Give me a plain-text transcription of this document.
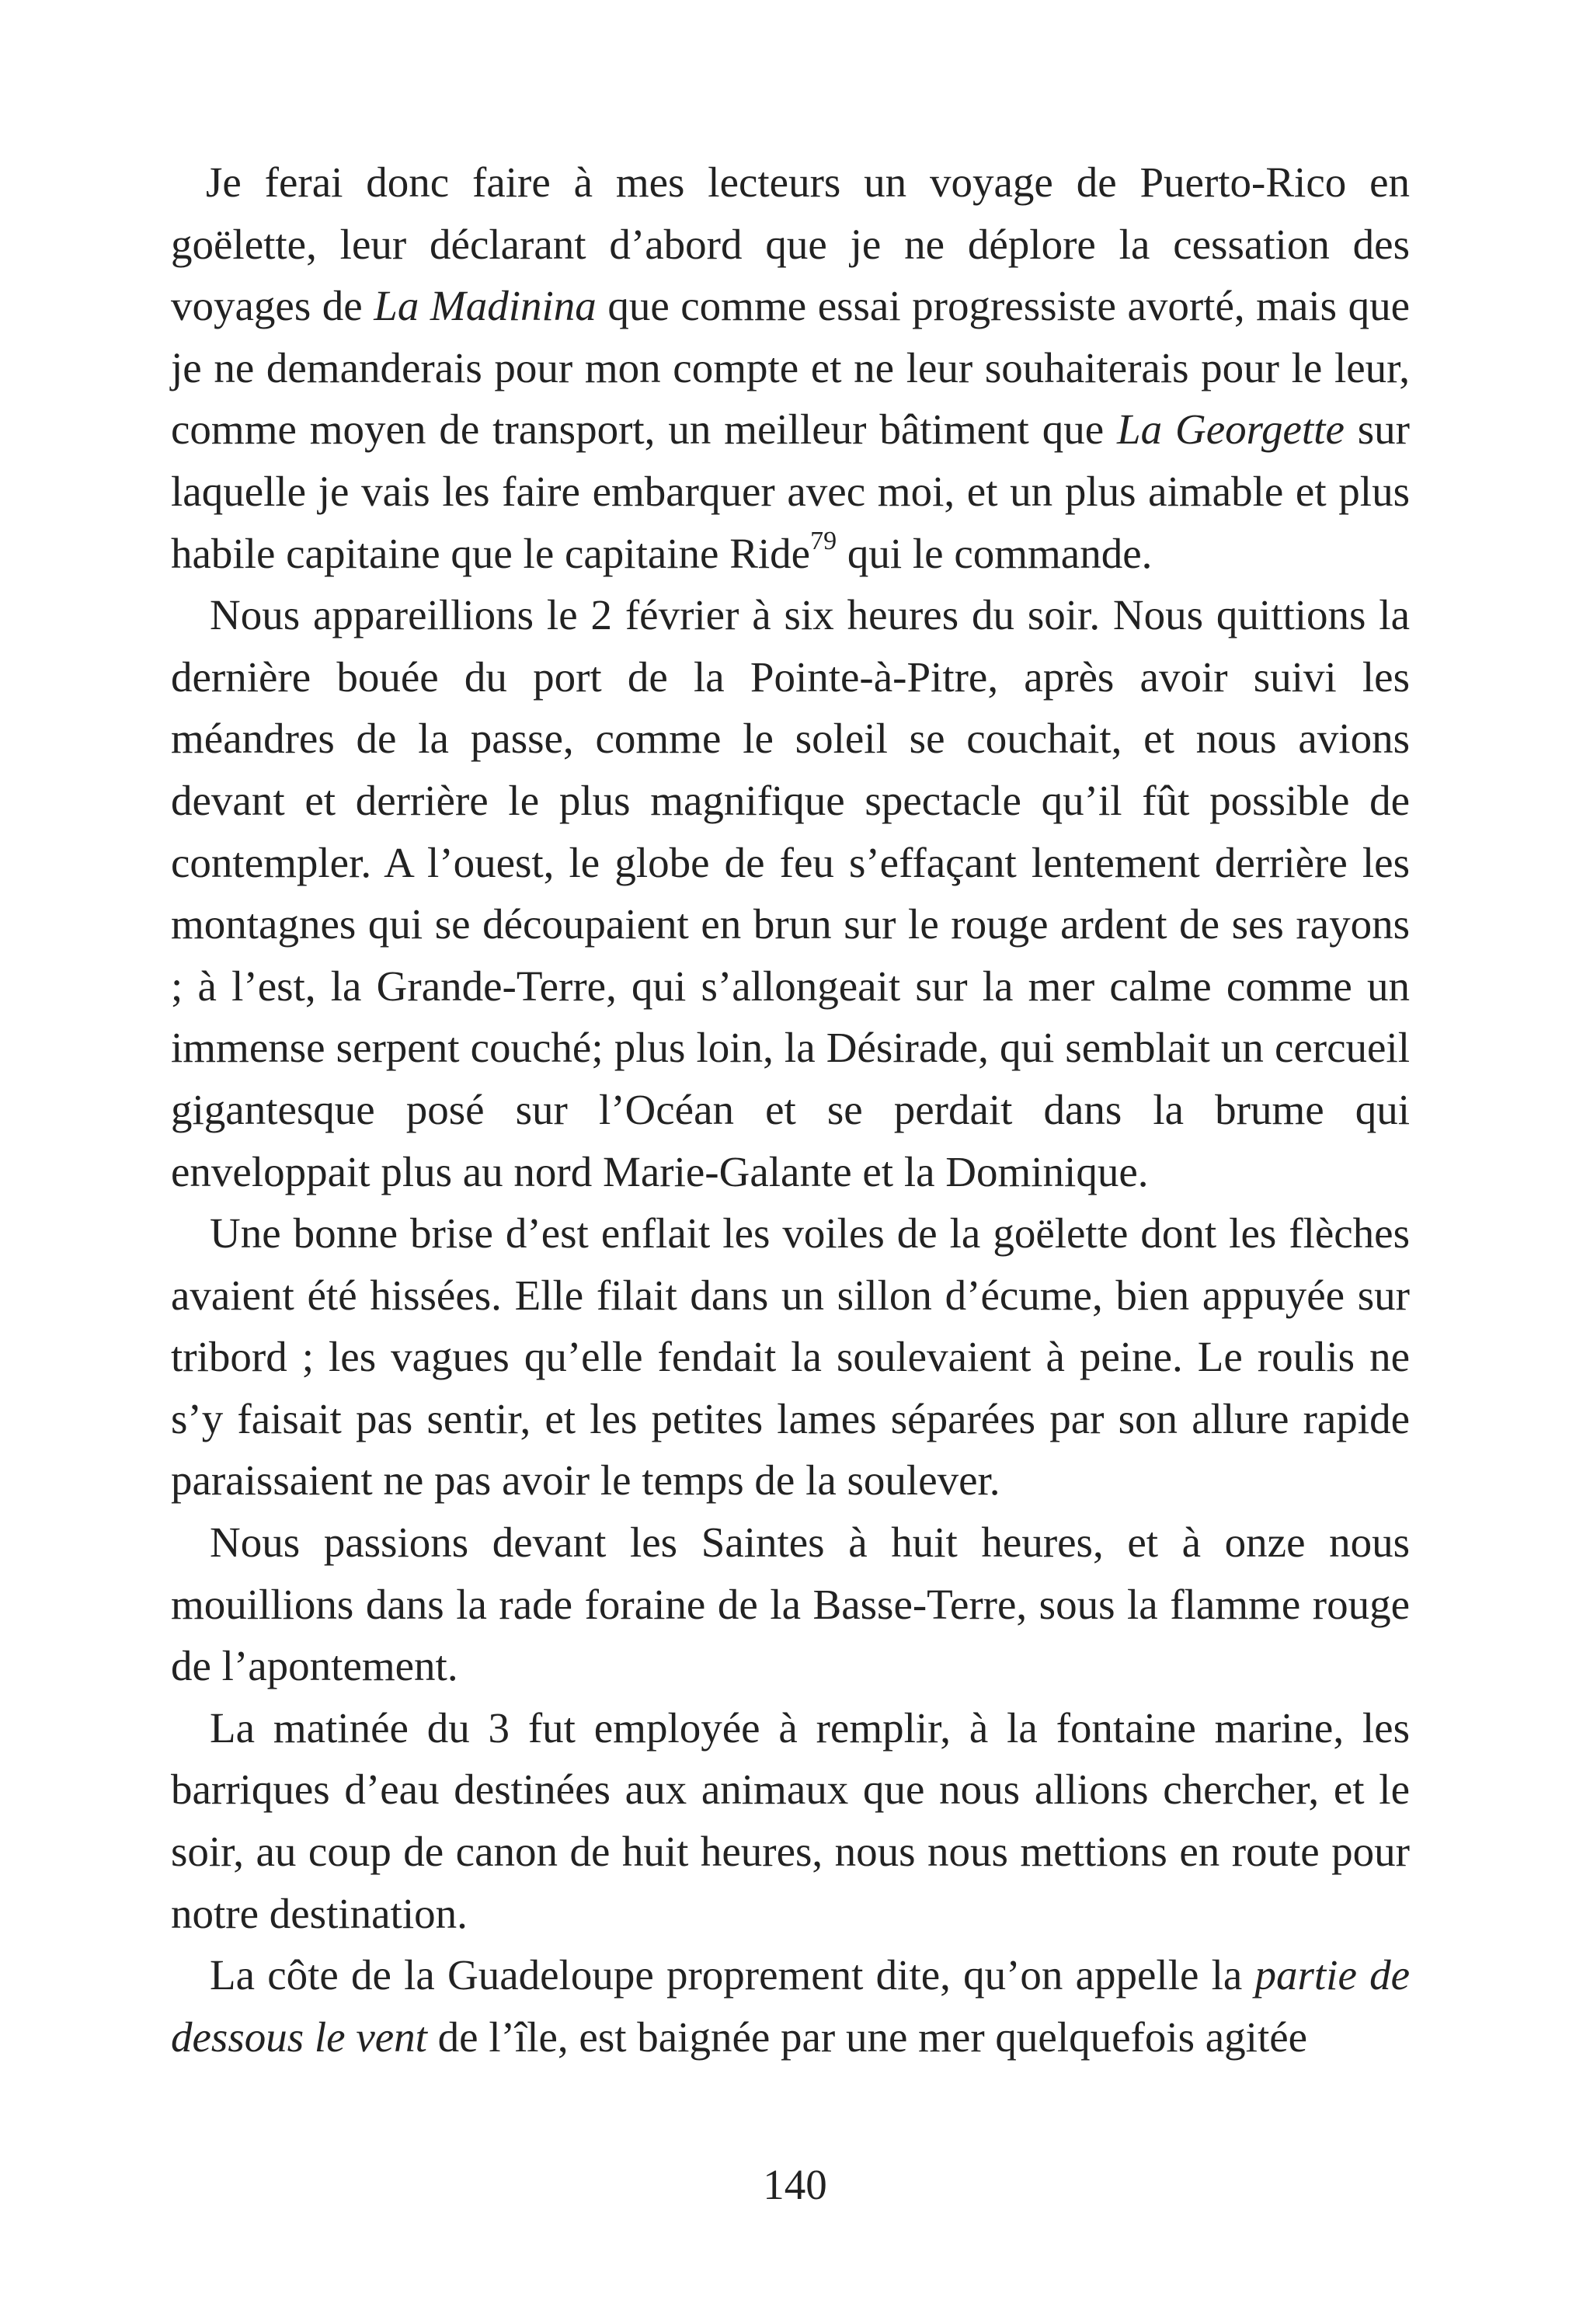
Je ferai donc faire à mes lecteurs un voyage de Puerto-Rico en goëlette, leur déclarant d’abord que je ne déplore la cessation des voyages de La Madinina que comme essai progressiste avorté, mais que je ne demanderais pour mon compte et ne leur souhaiterais pour le leur, comme moyen de transport, un meilleur bâtiment que La Georgette sur laquelle je vais les faire embarquer avec moi, et un plus aimable et plus habile capitaine que le capitaine Ride$^{79}$ qui le commande.

Nous appareillions le 2 février à six heures du soir. Nous quittions la dernière bouée du port de la Pointe-à-Pitre, après avoir suivi les méandres de la passe, comme le soleil se couchait, et nous avions devant et derrière le plus magnifique spectacle qu’il fût possible de contempler. A l’ouest, le globe de feu s’effaçant lentement derrière les montagnes qui se découpaient en brun sur le rouge ardent de ses rayons ; à l’est, la Grande-Terre, qui s’allongeait sur la mer calme comme un immense serpent couché; plus loin, la Désirade, qui semblait un cercueil gigantesque posé sur l’Océan et se perdait dans la brume qui enveloppait plus au nord Marie-Galante et la Dominique.

Une bonne brise d’est enflait les voiles de la goëlette dont les flèches avaient été hissées. Elle filait dans un sillon d’écume, bien appuyée sur tribord ; les vagues qu’elle fendait la soulevaient à peine. Le roulis ne s’y faisait pas sentir, et les petites lames séparées par son allure rapide paraissaient ne pas avoir le temps de la soulever.

Nous passions devant les Saintes à huit heures, et à onze nous mouillions dans la rade foraine de la Basse-Terre, sous la flamme rouge de l’apontement.

La matinée du 3 fut employée à remplir, à la fontaine marine, les barriques d’eau destinées aux animaux que nous allions chercher, et le soir, au coup de canon de huit heures, nous nous mettions en route pour notre destination.

La côte de la Guadeloupe proprement dite, qu’on appelle la partie de dessous le vent de l’île, est baignée par une mer quelquefois agitée

140
